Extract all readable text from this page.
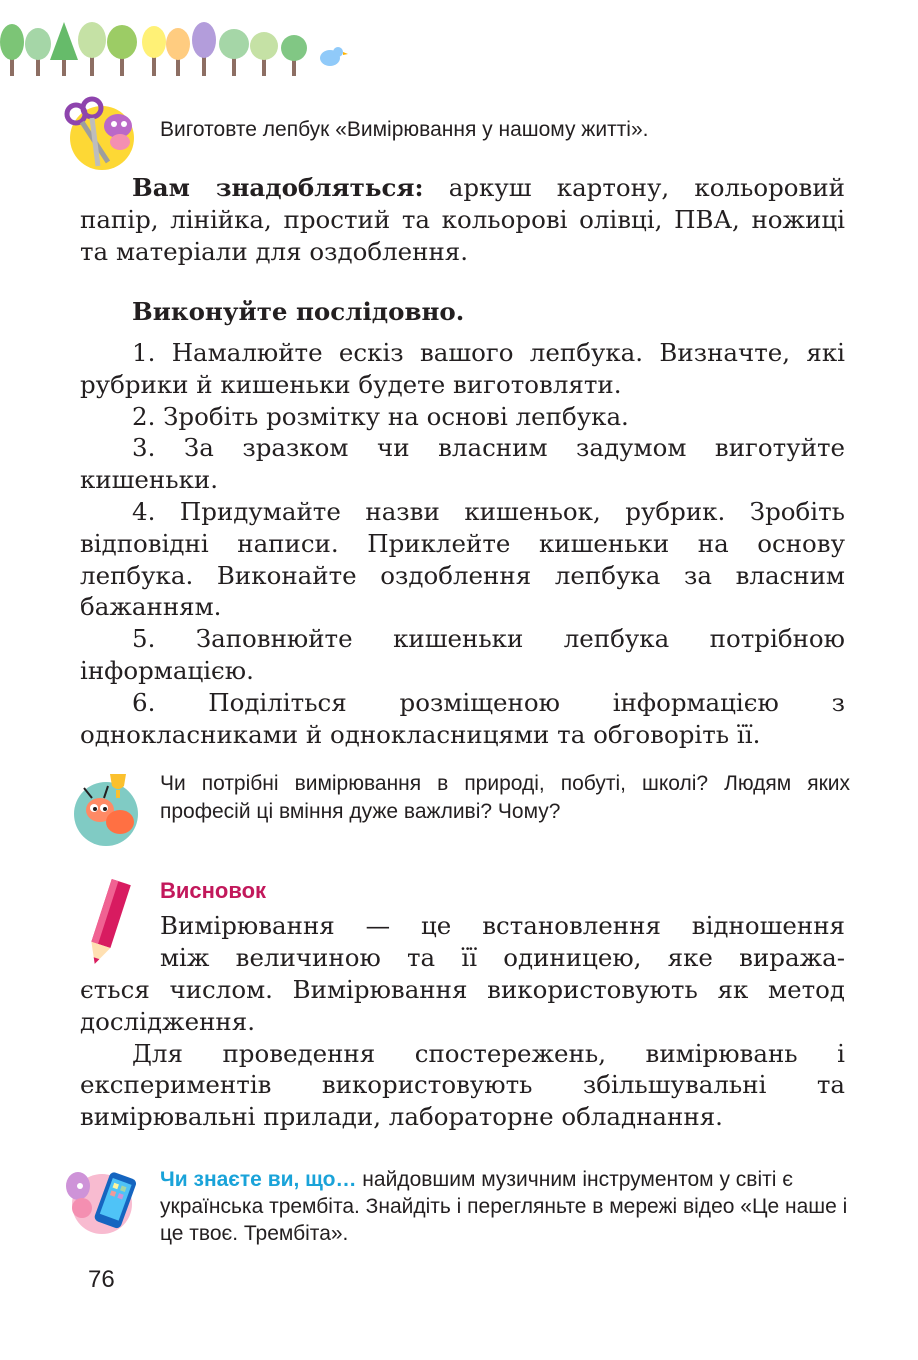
Виготовте лепбук «Вимірювання у нашому житті».

Вам знадобляться: аркуш картону, кольоровий папір, лінійка, простий та кольорові олівці, ПВА, ножиці та матеріали для оздоблення.

Виконуйте послідовно.

1. Намалюйте ескіз вашого лепбука. Визначте, які рубрики й кишеньки будете виготовляти.

2. Зробіть розмітку на основі лепбука.

3. За зразком чи власним задумом виготуйте кишеньки.

4. Придумайте назви кишеньок, рубрик. Зробіть відповідні написи. Приклейте кишеньки на основу лепбука. Виконайте оздоблення лепбука за власним бажанням.

5. Заповнюйте кишеньки лепбука потрібною інформацією.

6. Поділіться розміщеною інформацією з однокласниками й однокласницями та обговоріть її.

Чи потрібні вимірювання в природі, побуті, школі? Людям яких професій ці вміння дуже важливі? Чому?
Висновок
Вимірювання — це встановлення відношення
між величиною та її одиницею, яке виража-

ється числом. Вимірювання використовують як метод дослідження.

Для проведення спостережень, вимірювань і експериментів використовують збільшувальні та вимірювальні прилади, лабораторне обладнання.

Чи знаєте ви, що… найдовшим музичним інструментом у світі є українська трембіта. Знайдіть і перегляньте в мережі відео «Це наше і це твоє. Трембіта».
76
